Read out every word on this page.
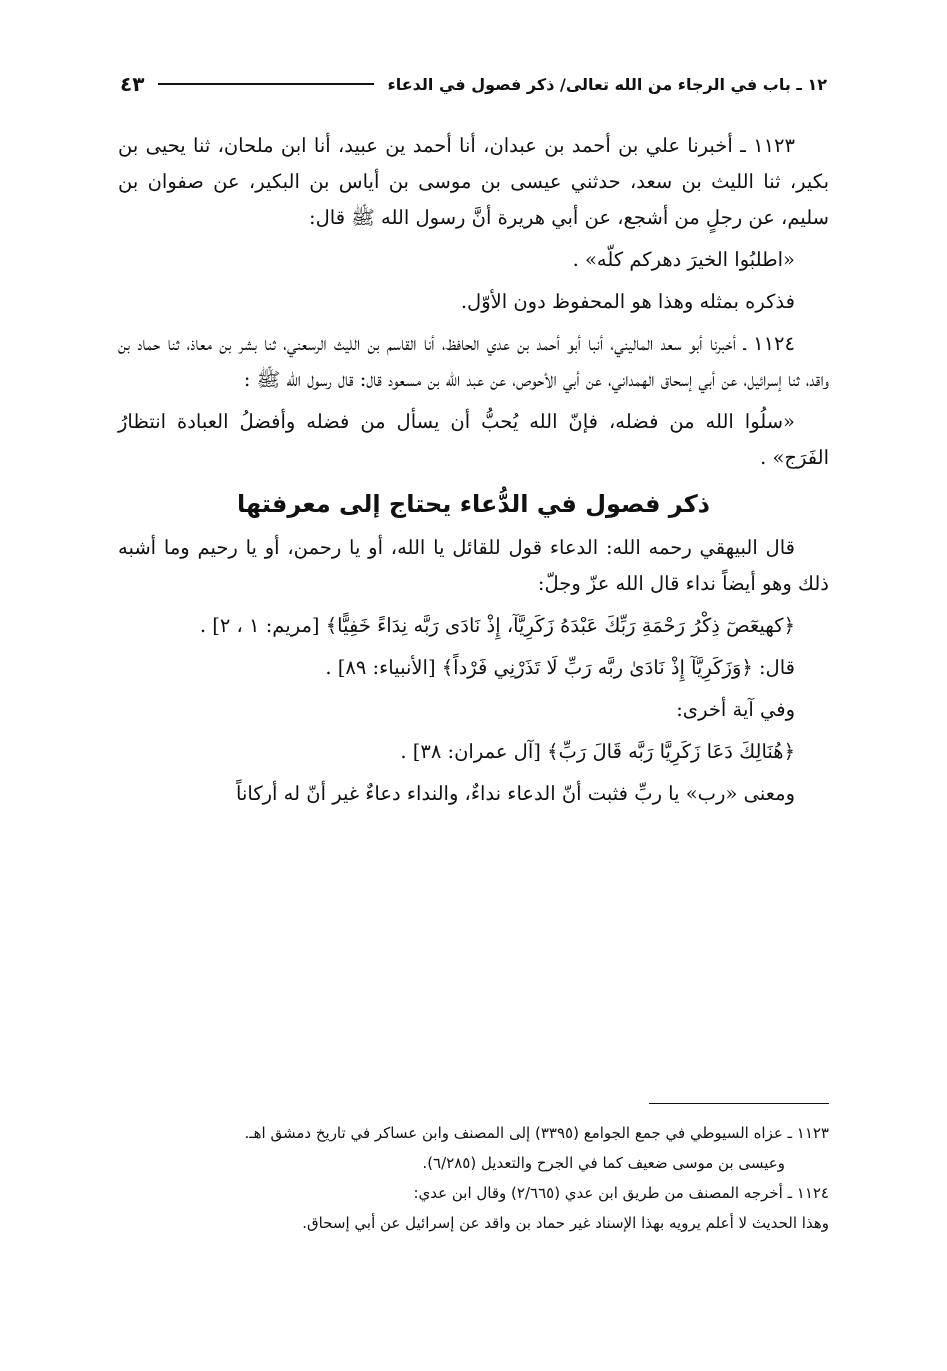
١٢ ـ باب في الرجاء من الله تعالى/ ذكر فصول في الدعاء
٤٣

١١٢٣ ـ أخبرنا علي بن أحمد بن عبدان، أنا أحمد ين عبيد، أنا ابن ملحان، ثنا يحيى بن بكير، ثنا الليث بن سعد، حدثني عيسى بن موسى بن أياس بن البكير، عن صفوان بن سليم، عن رجلٍ من أشجع، عن أبي هريرة أنَّ رسول الله ﷺ قال:

«اطلبُوا الخيرَ دهركم كلّه» .

فذكره بمثله وهذا هو المحفوظ دون الأوّل.

١١٢٤ ـ أخبرنا أبو سعد الماليني، أنبا أبو أحمد بن عدي الحافظ، أنا القاسم بن الليث الرسعني، ثنا بشر بن معاذ، ثنا حماد بن واقد، ثنا إسرائيل، عن أبي إسحاق الهمداني، عن أبي الأحوص، عن عبد الله بن مسعود قال: قال رسول الله ﷺ :

«سلُوا الله من فضله، فإنّ الله يُحبُّ أن يسأل من فضله وأفضلُ العبادة انتظارُ الفَرَج» .

ذكر فصول في الدُّعاء يحتاج إلى معرفتها

قال البيهقي رحمه الله: الدعاء قول للقائل يا الله، أو يا رحمن، أو يا رحيم وما أشبه ذلك وهو أيضاً نداء قال الله عزّ وجلّ:

﴿كهيعٓصٓ ذِكْرُ رَحْمَةِ رَبِّكَ عَبْدَهُ زَكَرِيَّآ، إِذْ نَادَى رَبَّه نِدَاءً خَفِيًّا﴾ [مريم: ١ ، ٢] .

قال: ﴿وَزَكَرِيَّآ إِذْ نَادَىٰ ربَّه رَبِّ لَا تَذَرْنِي فَرْداً﴾ [الأنبياء: ٨٩] .

وفي آية أخرى:

﴿هُنَالِكَ دَعَا زَكَرِيَّا رَبَّه قَالَ رَبِّ﴾ [آل عمران: ٣٨] .

ومعنى «رب» يا ربِّ فثبت أنّ الدعاء نداءٌ، والنداء دعاءٌ غير أنّ له أركاناً

١١٢٣ ـ عزاه السيوطي في جمع الجوامع (٣٣٩٥) إلى المصنف وابن عساكر في تاريخ دمشق اهـ.

وعيسى بن موسى ضعيف كما في الجرح والتعديل (٦/٢٨٥).

١١٢٤ ـ أخرجه المصنف من طريق ابن عدي (٢/٦٦٥) وقال ابن عدي:

وهذا الحديث لا أعلم يرويه بهذا الإسناد غير حماد بن واقد عن إسرائيل عن أبي إسحاق.
